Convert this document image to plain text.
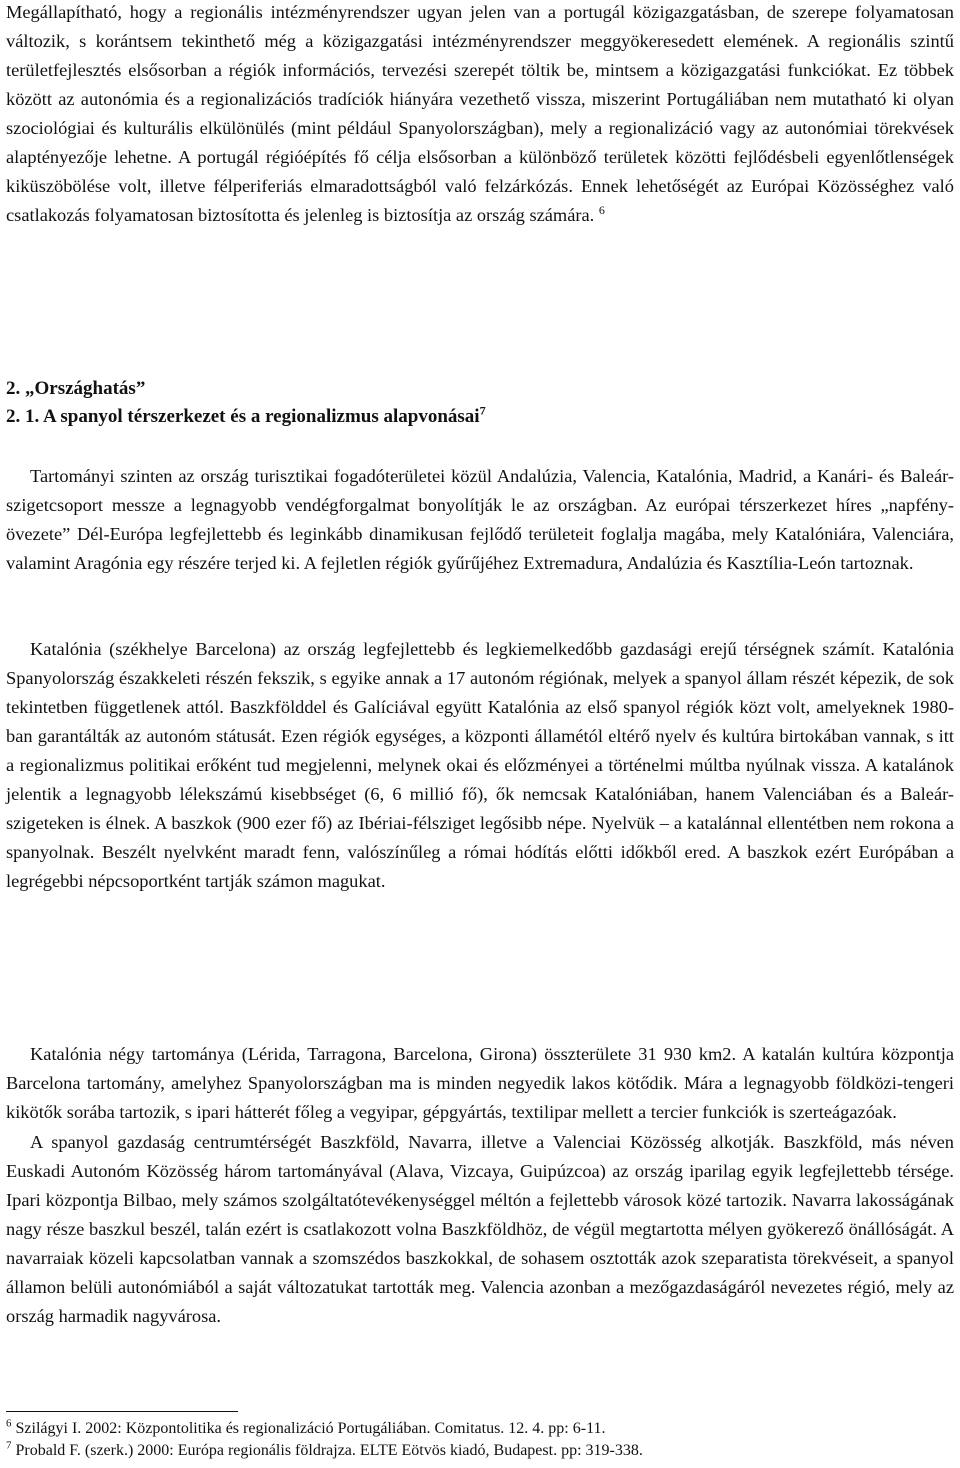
Megállapítható, hogy a regionális intézményrendszer ugyan jelen van a portugál közigazgatásban, de szerepe folyamatosan változik, s korántsem tekinthető még a közigazgatási intézményrendszer meggyökeresedett elemének. A regionális szintű területfejlesztés elsősorban a régiók információs, tervezési szerepét töltik be, mintsem a közigazgatási funkciókat. Ez többek között az autonómia és a regionalizációs tradíciók hiányára vezethető vissza, miszerint Portugáliában nem mutatható ki olyan szociológiai és kulturális elkülönülés (mint például Spanyolországban), mely a regionalizáció vagy az autonómiai törekvések alaptényezője lehetne. A portugál régióépítés fő célja elsősorban a különböző területek közötti fejlődésbeli egyenlőtlenségek kiküszöbölése volt, illetve félperiferiás elmaradottságból való felzárkózás. Ennek lehetőségét az Európai Közösséghez való csatlakozás folyamatosan biztosította és jelenleg is biztosítja az ország számára. $^6$

2. „Országhatás”
2. 1. A spanyol térszerkezet és a regionalizmus alapvonásai$^7$

Tartományi szinten az ország turisztikai fogadóterületei közül Andalúzia, Valencia, Katalónia, Madrid, a Kanári- és Baleár-szigetcsoport messze a legnagyobb vendégforgalmat bonyolítják le az országban. Az európai térszerkezet híres „napfény-övezete” Dél-Európa legfejlettebb és leginkább dinamikusan fejlődő területeit foglalja magába, mely Katalóniára, Valenciára, valamint Aragónia egy részére terjed ki. A fejletlen régiók gyűrűjéhez Extremadura, Andalúzia és Kasztília-León tartoznak.

Katalónia (székhelye Barcelona) az ország legfejlettebb és legkiemelkedőbb gazdasági erejű térségnek számít. Katalónia Spanyolország északkeleti részén fekszik, s egyike annak a 17 autonóm régiónak, melyek a spanyol állam részét képezik, de sok tekintetben függetlenek attól. Baszkfölddel és Galíciával együtt Katalónia az első spanyol régiók közt volt, amelyeknek 1980-ban garantálták az autonóm státusát. Ezen régiók egységes, a központi államétól eltérő nyelv és kultúra birtokában vannak, s itt a regionalizmus politikai erőként tud megjelenni, melynek okai és előzményei a történelmi múltba nyúlnak vissza. A katalánok jelentik a legnagyobb lélekszámú kisebbséget (6, 6 millió fő), ők nemcsak Katalóniában, hanem Valenciában és a Baleár-szigeteken is élnek. A baszkok (900 ezer fő) az Ibériai-félsziget legősibb népe. Nyelvük – a katalánnal ellentétben nem rokona a spanyolnak. Beszélt nyelvként maradt fenn, valószínűleg a római hódítás előtti időkből ered. A baszkok ezért Európában a legrégebbi népcsoportként tartják számon magukat.

Katalónia négy tartománya (Lérida, Tarragona, Barcelona, Girona) összterülete 31 930 km2. A katalán kultúra központja Barcelona tartomány, amelyhez Spanyolországban ma is minden negyedik lakos kötődik. Mára a legnagyobb földközi-tengeri kikötők sorába tartozik, s ipari hátterét főleg a vegyipar, gépgyártás, textilipar mellett a tercier funkciók is szerteágazóak.

A spanyol gazdaság centrumtérségét Baszkföld, Navarra, illetve a Valenciai Közösség alkotják. Baszkföld, más néven Euskadi Autonóm Közösség három tartományával (Alava, Vizcaya, Guipúzcoa) az ország iparilag egyik legfejlettebb térsége. Ipari központja Bilbao, mely számos szolgáltatótevékenységgel méltón a fejlettebb városok közé tartozik. Navarra lakosságának nagy része baszkul beszél, talán ezért is csatlakozott volna Baszkföldhöz, de végül megtartotta mélyen gyökerező önállóságát. A navarraiak közeli kapcsolatban vannak a szomszédos baszkokkal, de sohasem osztották azok szeparatista törekvéseit, a spanyol államon belüli autonómiából a saját változatukat tartották meg. Valencia azonban a mezőgazdaságáról nevezetes régió, mely az ország harmadik nagyvárosa.

$^6$ Szilágyi I. 2002: Központolitika és regionalizáció Portugáliában. Comitatus. 12. 4. pp: 6-11.

$^7$ Probald F. (szerk.) 2000: Európa regionális földrajza. ELTE Eötvös kiadó, Budapest. pp: 319-338.
